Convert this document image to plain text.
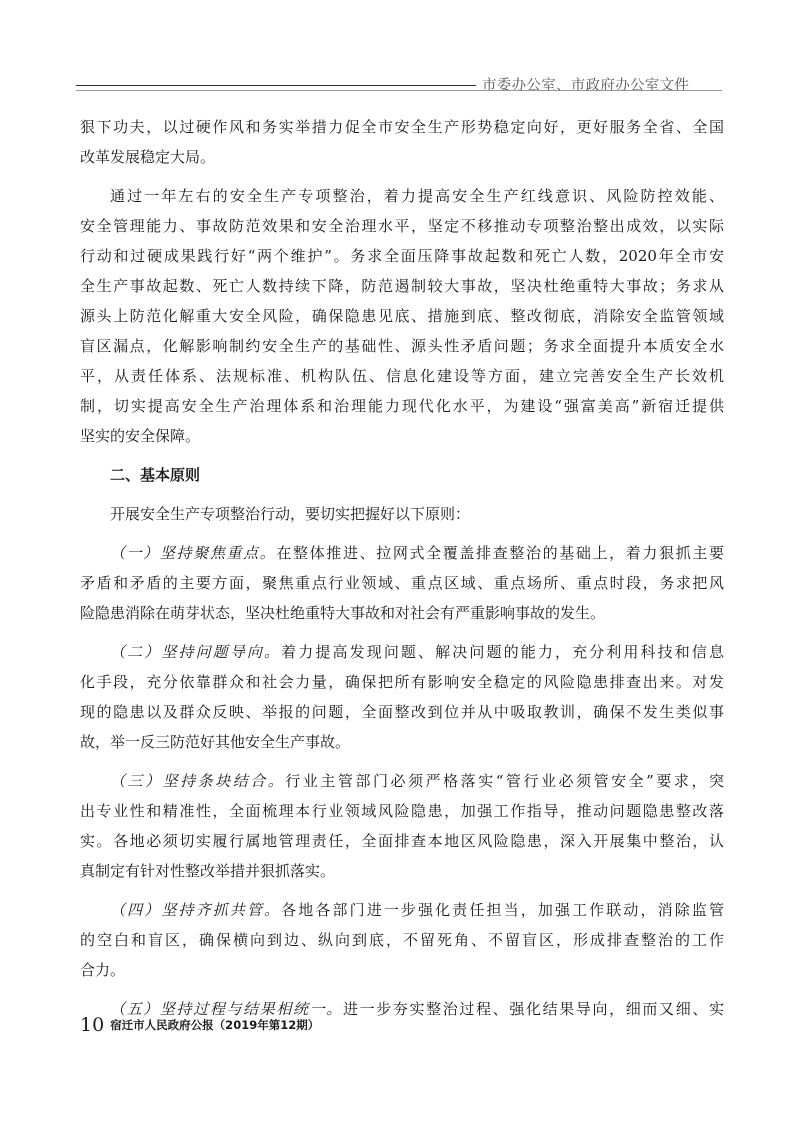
市委办公室、市政府办公室文件
狠下功夫，以过硬作风和务实举措力促全市安全生产形势稳定向好，更好服务全省、全国
改革发展稳定大局。
通过一年左右的安全生产专项整治，着力提高安全生产红线意识、风险防控效能、
安全管理能力、事故防范效果和安全治理水平，坚定不移推动专项整治整出成效，以实际
行动和过硬成果践行好“两个维护”。务求全面压降事故起数和死亡人数，2020年全市安
全生产事故起数、死亡人数持续下降，防范遏制较大事故，坚决杜绝重特大事故；务求从
源头上防范化解重大安全风险，确保隐患见底、措施到底、整改彻底，消除安全监管领域
盲区漏点，化解影响制约安全生产的基础性、源头性矛盾问题；务求全面提升本质安全水
平，从责任体系、法规标准、机构队伍、信息化建设等方面，建立完善安全生产长效机
制，切实提高安全生产治理体系和治理能力现代化水平，为建设“强富美高”新宿迁提供
坚实的安全保障。
二、基本原则
开展安全生产专项整治行动，要切实把握好以下原则：
（一）坚持聚焦重点。在整体推进、拉网式全覆盖排查整治的基础上，着力狠抓主要
矛盾和矛盾的主要方面，聚焦重点行业领域、重点区域、重点场所、重点时段，务求把风
险隐患消除在萌芽状态，坚决杜绝重特大事故和对社会有严重影响事故的发生。
（二）坚持问题导向。着力提高发现问题、解决问题的能力，充分利用科技和信息
化手段，充分依靠群众和社会力量，确保把所有影响安全稳定的风险隐患排查出来。对发
现的隐患以及群众反映、举报的问题，全面整改到位并从中吸取教训，确保不发生类似事
故，举一反三防范好其他安全生产事故。
（三）坚持条块结合。行业主管部门必须严格落实“管行业必须管安全”要求，突
出专业性和精准性，全面梳理本行业领域风险隐患，加强工作指导，推动问题隐患整改落
实。各地必须切实履行属地管理责任，全面排查本地区风险隐患，深入开展集中整治，认
真制定有针对性整改举措并狠抓落实。
（四）坚持齐抓共管。各地各部门进一步强化责任担当，加强工作联动，消除监管
的空白和盲区，确保横向到边、纵向到底，不留死角、不留盲区，形成排查整治的工作
合力。
（五）坚持过程与结果相统一。进一步夯实整治过程、强化结果导向，细而又细、实
10 宿迁市人民政府公报（2019年第12期）
